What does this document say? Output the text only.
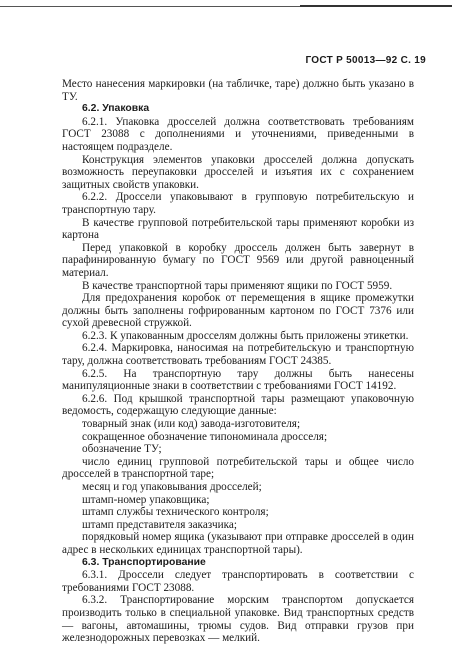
ГОСТ Р 50013—92 С. 19

Место нанесения маркировки (на табличке, таре) должно быть указано в ТУ.

6.2. Упаковка

6.2.1. Упаковка дросселей должна соответствовать требованиям ГОСТ 23088 с дополнениями и уточнениями, приведенными в настоящем подразделе.

Конструкция элементов упаковки дросселей должна допускать возможность переупаковки дросселей и изъятия их с сохранением защитных свойств упаковки.

6.2.2. Дроссели упаковывают в групповую потребительскую и транспортную тару.

В качестве групповой потребительской тары применяют коробки из картона

Перед упаковкой в коробку дроссель должен быть завернут в парафинированную бумагу по ГОСТ 9569 или другой равноценный материал.

В качестве транспортной тары применяют ящики по ГОСТ 5959.

Для предохранения коробок от перемещения в ящике промежутки должны быть заполнены гофрированным картоном по ГОСТ 7376 или сухой древесной стружкой.

6.2.3. К упакованным дросселям должны быть приложены этикетки.

6.2.4. Маркировка, наносимая на потребительскую и транспортную тару, должна соответствовать требованиям ГОСТ 24385.

6.2.5. На транспортную тару должны быть нанесены манипуляционные знаки в соответствии с требованиями ГОСТ 14192.

6.2.6. Под крышкой транспортной тары размещают упаковочную ведомость, содержащую следующие данные:

товарный знак (или код) завода-изготовителя;

сокращенное обозначение типономинала дросселя;

обозначение ТУ;

число единиц групповой потребительской тары и общее число дросселей в транспортной таре;

месяц и год упаковывания дросселей;

штамп-номер упаковщика;

штамп службы технического контроля;

штамп представителя заказчика;

порядковый номер ящика (указывают при отправке дросселей в один адрес в нескольких единицах транспортной тары).

6.3. Транспортирование

6.3.1. Дроссели следует транспортировать в соответствии с требованиями ГОСТ 23088.

6.3.2. Транспортирование морским транспортом допускается производить только в специальной упаковке. Вид транспортных средств — вагоны, автомашины, трюмы судов. Вид отправки грузов при железнодорожных перевозках — мелкий.
